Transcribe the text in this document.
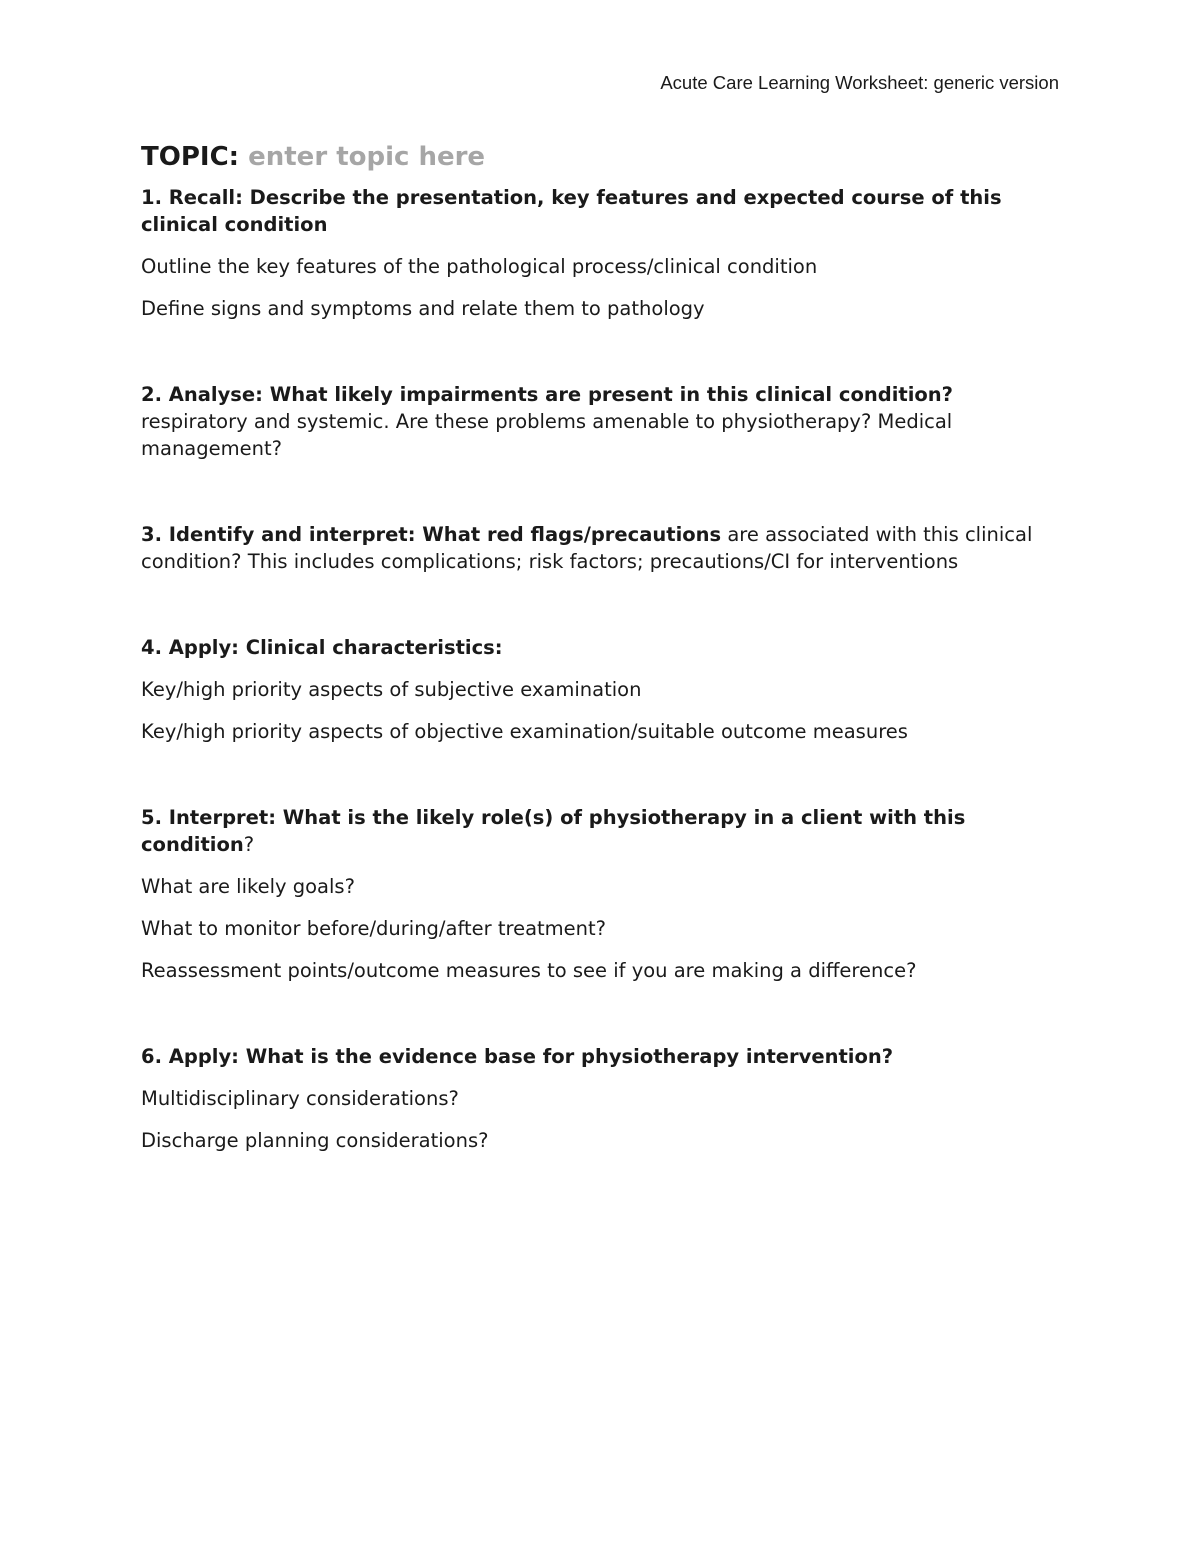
Acute Care Learning Worksheet: generic version

TOPIC: enter topic here

1. Recall: Describe the presentation, key features and expected course of this clinical condition

Outline the key features of the pathological process/clinical condition

Define signs and symptoms and relate them to pathology

2. Analyse: What likely impairments are present in this clinical condition?

respiratory and systemic. Are these problems amenable to physiotherapy? Medical management?

3. Identify and interpret: What red flags/precautions are associated with this clinical condition? This includes complications; risk factors; precautions/CI for interventions

4. Apply: Clinical characteristics:

Key/high priority aspects of subjective examination

Key/high priority aspects of objective examination/suitable outcome measures

5. Interpret: What is the likely role(s) of physiotherapy in a client with this condition?

What are likely goals?

What to monitor before/during/after treatment?

Reassessment points/outcome measures to see if you are making a difference?

6. Apply: What is the evidence base for physiotherapy intervention?

Multidisciplinary considerations?

Discharge planning considerations?
